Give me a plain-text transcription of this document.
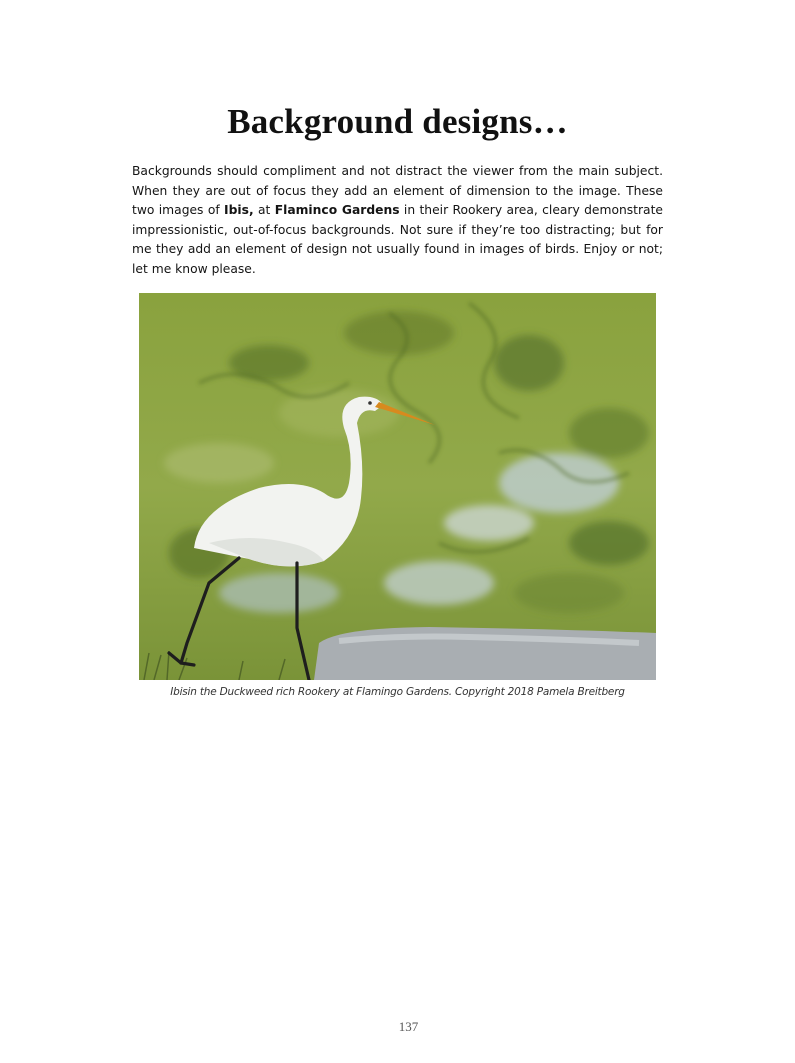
Background designs…

Backgrounds should compliment and not distract the viewer from the main subject. When they are out of focus they add an element of dimension to the image. These two images of Ibis, at Flaminco Gardens in their Rookery area, cleary demonstrate impressionistic, out-of-focus backgrounds. Not sure if they’re too distracting; but for me they add an element of design not usually found in images of birds. Enjoy or not; let me know please.

Ibisin the Duckweed rich Rookery at Flamingo Gardens. Copyright 2018 Pamela Breitberg

137
